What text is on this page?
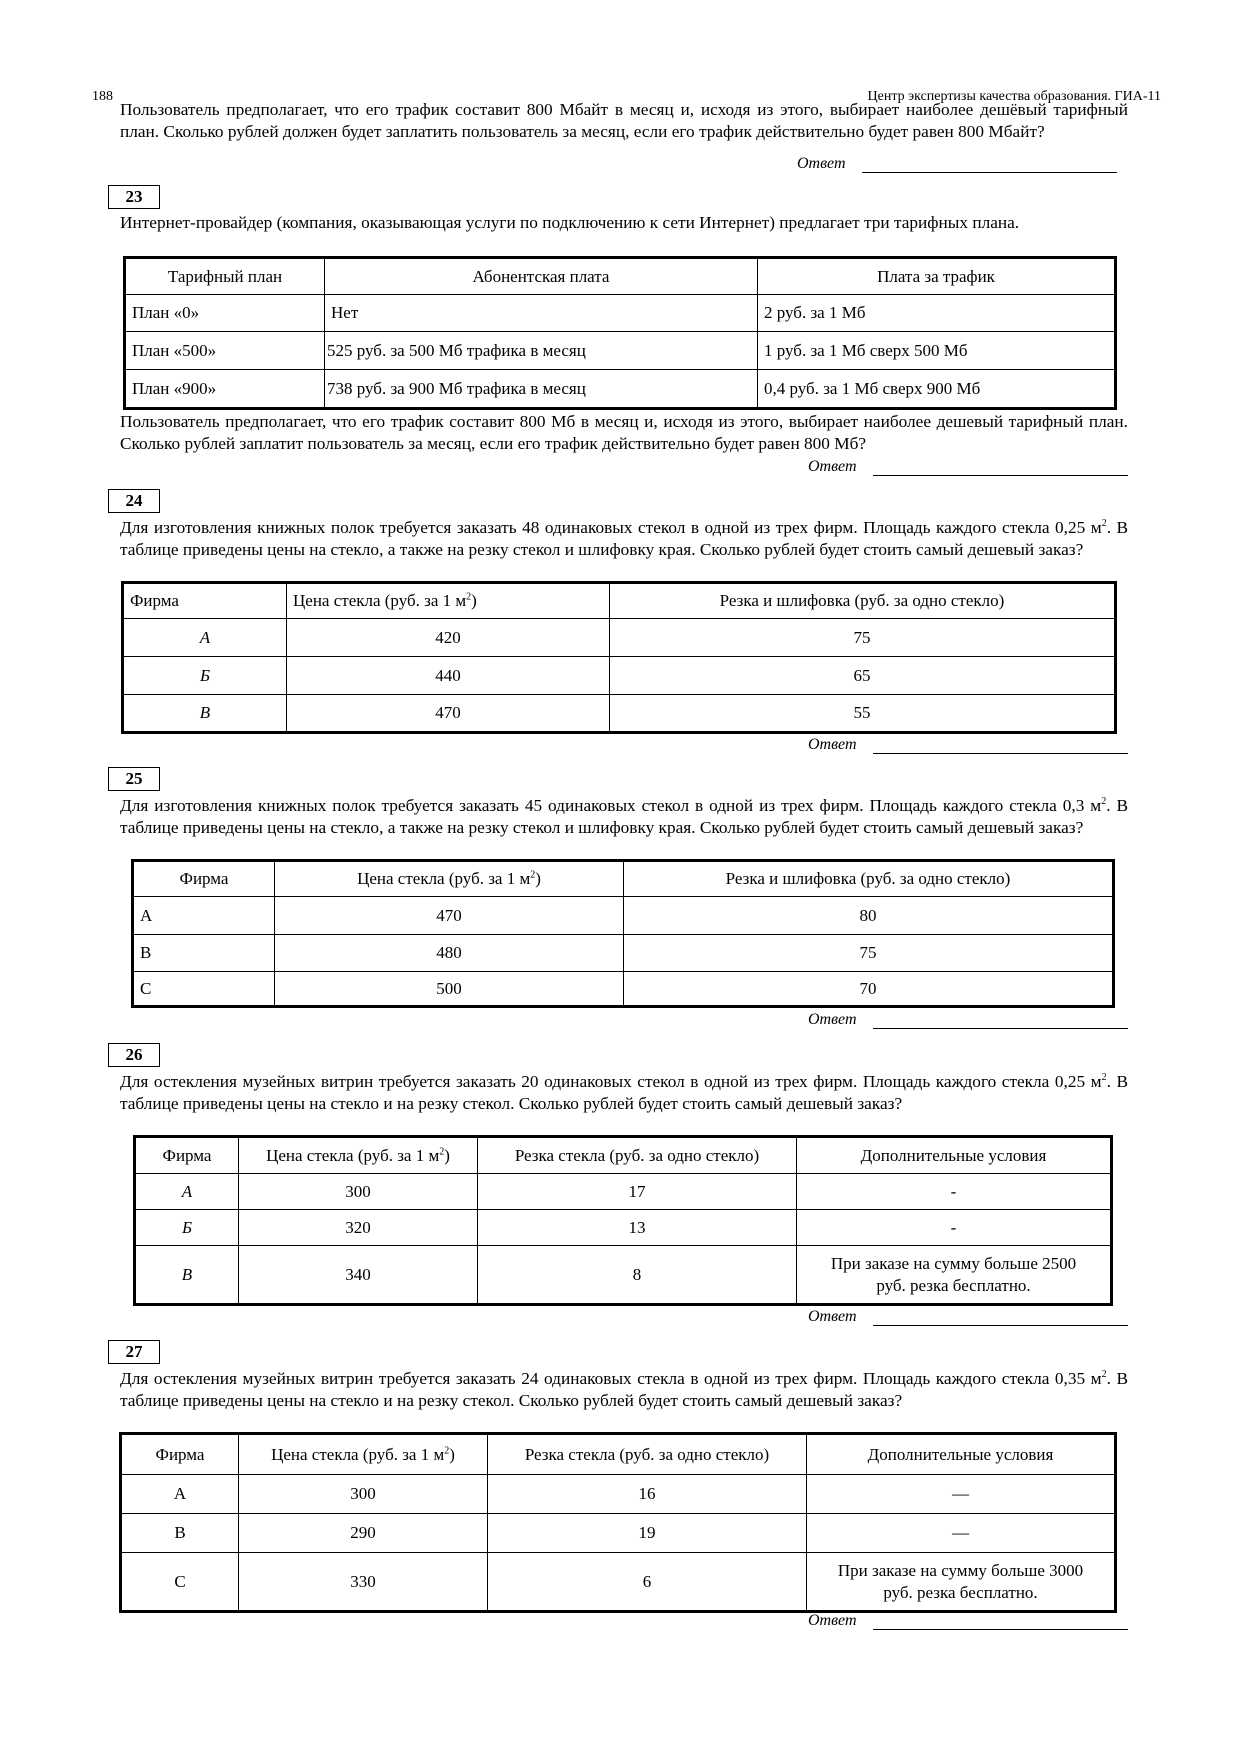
188	Центр экспертизы качества образования. ГИА-11

Пользователь предполагает, что его трафик составит 800 Мбайт в месяц и, исходя из этого, выбирает наиболее дешёвый тарифный план. Сколько рублей должен будет заплатить пользователь за месяц, если его трафик действительно будет равен 800 Мбайт?

Ответ
23

Интернет-провайдер (компания, оказывающая услуги по подключению к сети Интернет) предлагает три тарифных плана.

Тарифный план	Абонентская плата	Плата за трафик
План «0»	Нет	2 руб. за 1 Мб
План «500»	525 руб. за 500 Мб трафика в месяц	1 руб. за 1 Мб сверх 500 Мб
План «900»	738 руб. за 900 Мб трафика в месяц	0,4 руб. за 1 Мб сверх 900 Мб

Пользователь предполагает, что его трафик составит 800 Мб в месяц и, исходя из этого, выбирает наиболее дешевый тарифный план. Сколько рублей заплатит пользователь за месяц, если его трафик действительно будет равен 800 Мб?

Ответ
24

Для изготовления книжных полок требуется заказать 48 одинаковых стекол в одной из трех фирм. Площадь каждого стекла 0,25 $м^2$. В таблице приведены цены на стекло, а также на резку стекол и шлифовку края. Сколько рублей будет стоить самый дешевый заказ?

Фирма	Цена стекла (руб. за 1 $м^2$)	Резка и шлифовка (руб. за одно стекло)
А	420	75
Б	440	65
В	470	55
Ответ
25

Для изготовления книжных полок требуется заказать 45 одинаковых стекол в одной из трех фирм. Площадь каждого стекла 0,3 $м^2$. В таблице приведены цены на стекло, а также на резку стекол и шлифовку края. Сколько рублей будет стоить самый дешевый заказ?

Фирма	Цена стекла (руб. за 1 $м^2$)	Резка и шлифовка (руб. за одно стекло)
A	470	80
B	480	75
C	500	70
Ответ
26

Для остекления музейных витрин требуется заказать 20 одинаковых стекол в одной из трех фирм. Площадь каждого стекла 0,25 $м^2$. В таблице приведены цены на стекло и на резку стекол. Сколько рублей будет стоить самый дешевый заказ?

Фирма	Цена стекла (руб. за 1 $м^2$)	Резка стекла (руб. за одно стекло)	Дополнительные условия
А	300	17	-
Б	320	13	-
В	340	8	При заказе на сумму больше 2500 руб. резка бесплатно.
Ответ
27

Для остекления музейных витрин требуется заказать 24 одинаковых стекла в одной из трех фирм. Площадь каждого стекла 0,35 $м^2$. В таблице приведены цены на стекло и на резку стекол. Сколько рублей будет стоить самый дешевый заказ?

Фирма	Цена стекла (руб. за 1 $м^2$)	Резка стекла (руб. за одно стекло)	Дополнительные условия
A	300	16	—
B	290	19	—
C	330	6	При заказе на сумму больше 3000 руб. резка бесплатно.
Ответ
